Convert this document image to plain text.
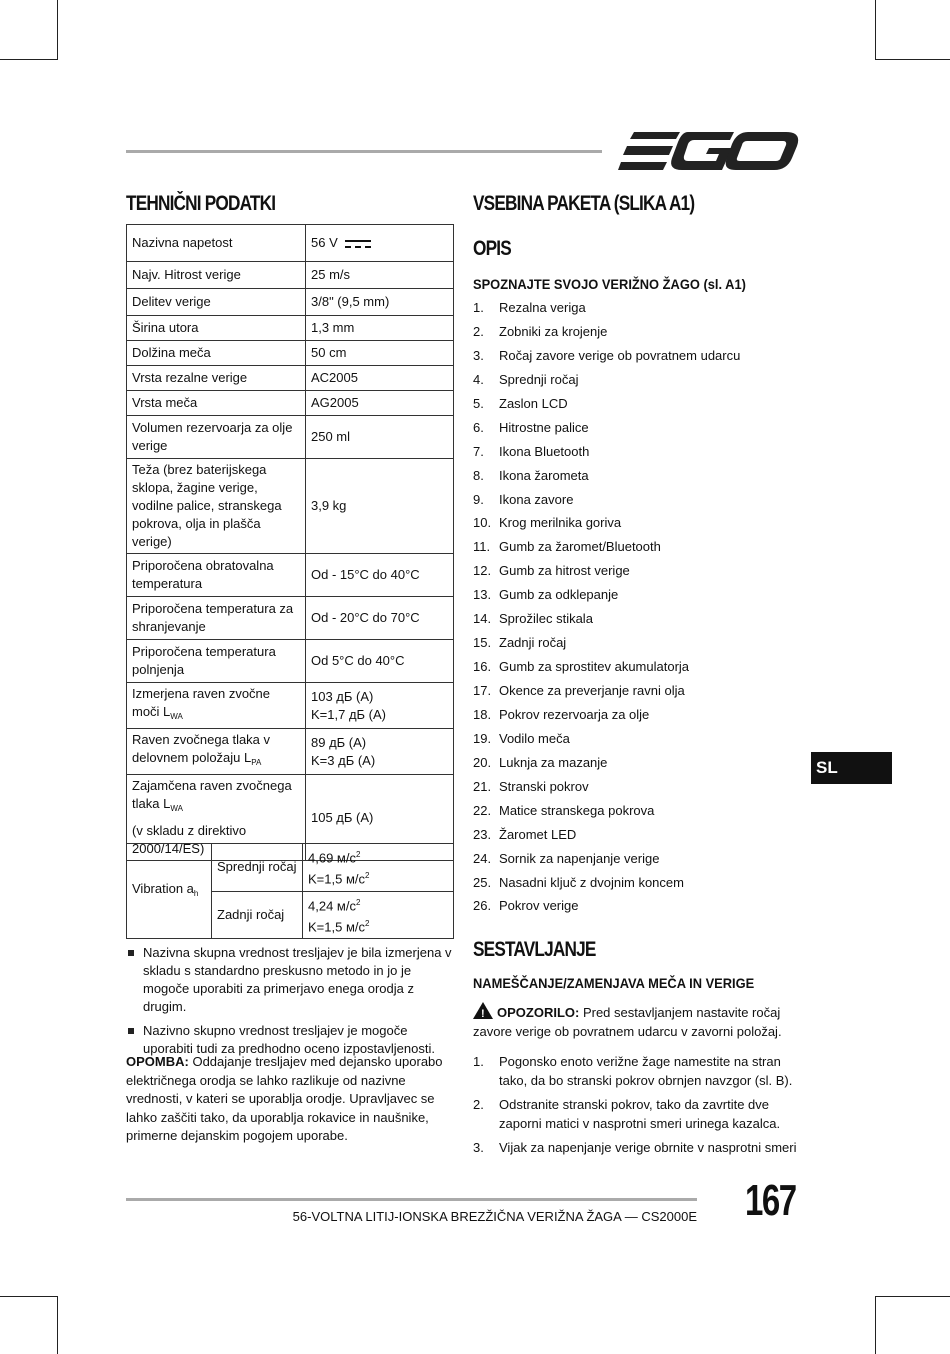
TEHNIČNI PODATKI
Nazivna napetost	56 V
Najv. Hitrost verige	25 m/s
Delitev verige	3/8" (9,5 mm)
Širina utora	1,3 mm
Dolžina meča	50 cm
Vrsta rezalne verige	AC2005
Vrsta meča	AG2005
Volumen rezervoarja za olje verige	250 ml
Teža (brez baterijskega sklopa, žagine verige, vodilne palice, stranskega pokrova, olja in plašča verige)	3,9 kg
Priporočena obratovalna temperatura	Od - 15°C do 40°C
Priporočena temperatura za shranjevanje	Od - 20°C do 70°C
Priporočena temperatura polnjenja	Od 5°C do 40°C
Izmerjena raven zvočne moči $L_{WA}$	103 дБ (A)
K=1,7 дБ (A)
Raven zvočnega tlaka v delovnem položaju $L_{PA}$	89 дБ (A)
K=3 дБ (A)
Zajamčena raven zvočnega tlaka $L_{WA}$
(v skladu z direktivo 2000/14/ES)	105 дБ (A)
Vibration $a_h$	Sprednji ročaj	4,69 $м/с^2$
K=1,5 $м/с^2$
	Zadnji ročaj	4,24 $м/с^2$
K=1,5 $м/с^2$
Nazivna skupna vrednost tresljajev je bila izmerjena v skladu s standardno preskusno metodo in jo je mogoče uporabiti za primerjavo enega orodja z drugim.
Nazivno skupno vrednost tresljajev je mogoče uporabiti tudi za predhodno oceno izpostavljenosti.
OPOMBA: Oddajanje tresljajev med dejansko uporabo električnega orodja se lahko razlikuje od nazivne vrednosti, v kateri se uporablja orodje. Upravljavec se lahko zaščiti tako, da uporablja rokavice in naušnike, primerne dejanskim pogojem uporabe.
VSEBINA PAKETA (SLIKA A1)
OPIS
SPOZNAJTE SVOJO VERIŽNO ŽAGO (sl. A1)
1. Rezalna veriga
2. Zobniki za krojenje
3. Ročaj zavore verige ob povratnem udarcu
4. Sprednji ročaj
5. Zaslon LCD
6. Hitrostne palice
7. Ikona Bluetooth
8. Ikona žarometa
9. Ikona zavore
10. Krog merilnika goriva
11. Gumb za žaromet/Bluetooth
12. Gumb za hitrost verige
13. Gumb za odklepanje
14. Sprožilec stikala
15. Zadnji ročaj
16. Gumb za sprostitev akumulatorja
17. Okence za preverjanje ravni olja
18. Pokrov rezervoarja za olje
19. Vodilo meča
20. Luknja za mazanje
21. Stranski pokrov
22. Matice stranskega pokrova
23. Žaromet LED
24. Sornik za napenjanje verige
25. Nasadni ključ z dvojnim koncem
26. Pokrov verige
SESTAVLJANJE
NAMEŠČANJE/ZAMENJAVA MEČA IN VERIGE
! OPOZORILO: Pred sestavljanjem nastavite ročaj zavore verige ob povratnem udarcu v zavorni položaj.
1. Pogonsko enoto verižne žage namestite na stran tako, da bo stranski pokrov obrnjen navzgor (sl. B).
2. Odstranite stranski pokrov, tako da zavrtite dve zaporni matici v nasprotni smeri urinega kazalca.
3. Vijak za napenjanje verige obrnite v nasprotni smeri
SL
56-VOLTNA LITIJ-IONSKA BREZŽIČNA VERIŽNA ŽAGA — CS2000E 167
